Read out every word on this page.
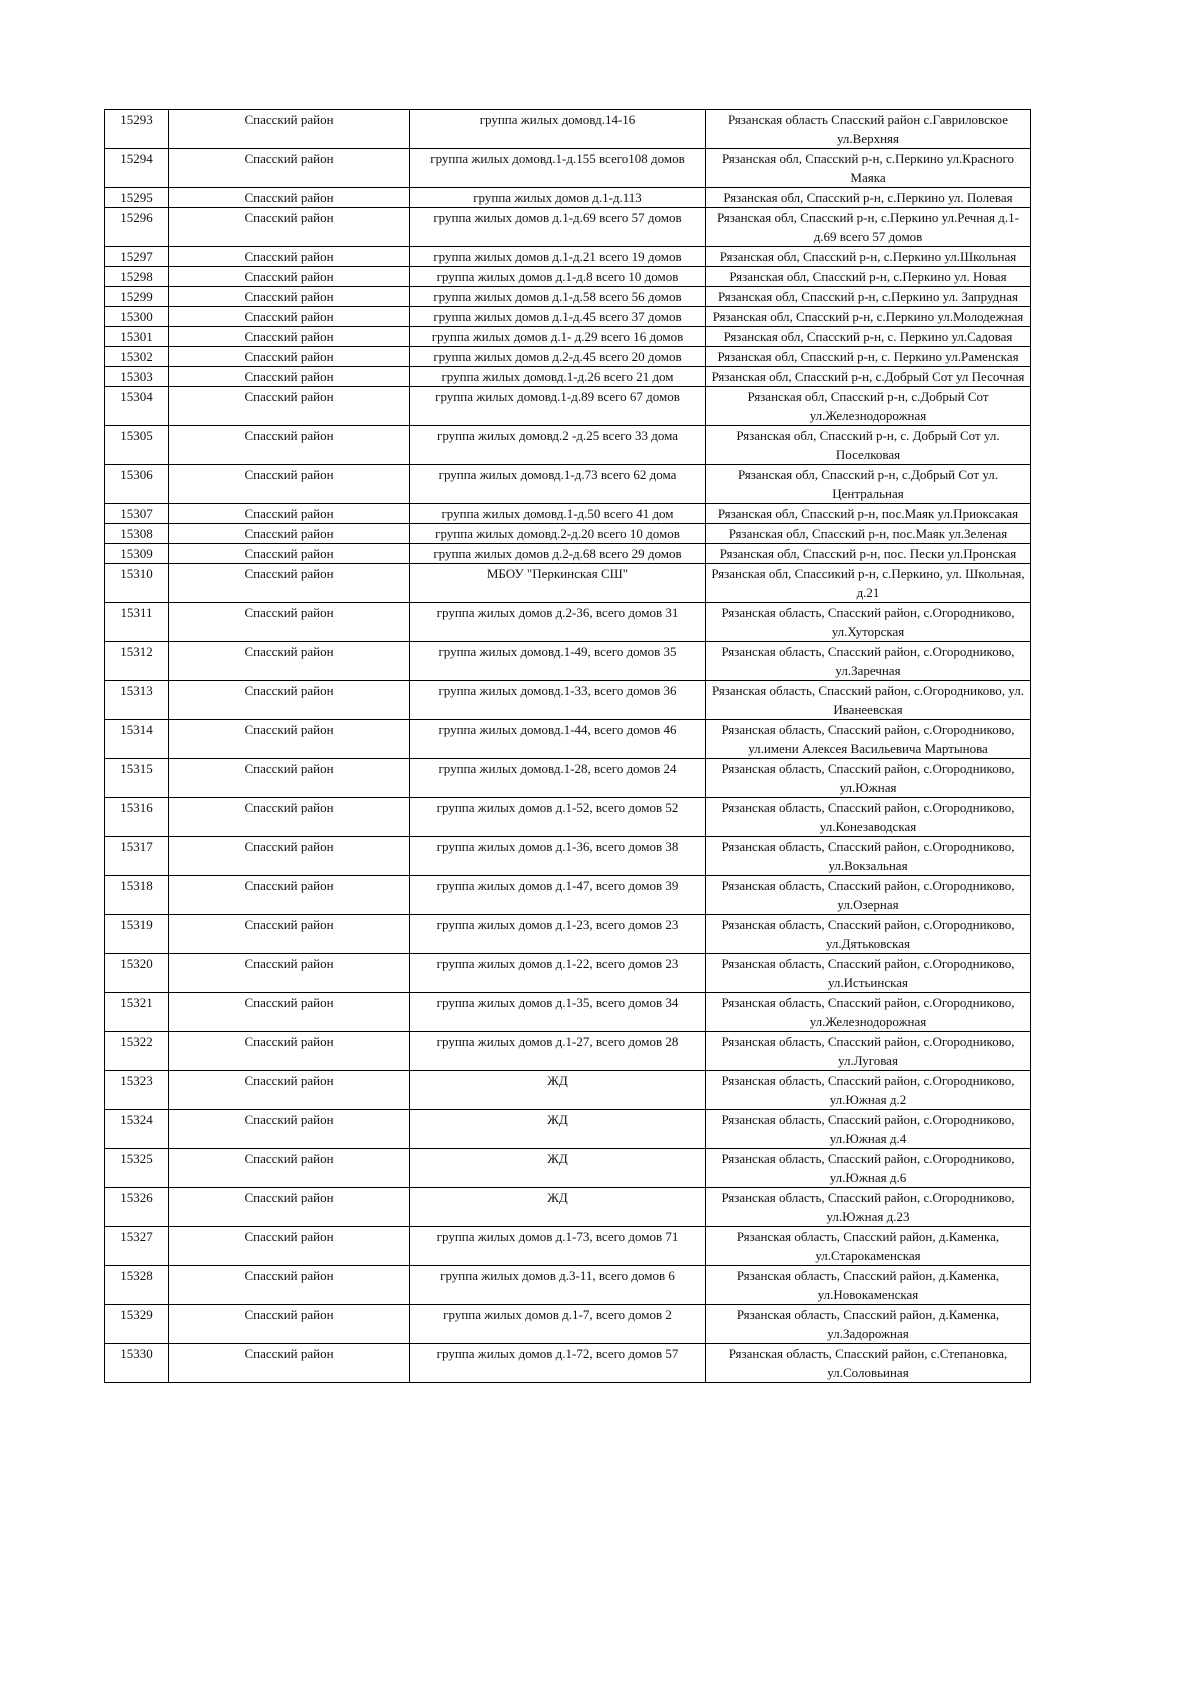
15293	Спасский район	группа жилых домовд.14-16	Рязанская область Спасский район с.Гавриловское ул.Верхняя
15294	Спасский район	группа жилых домовд.1-д.155 всего108 домов	Рязанская обл, Спасский р-н, с.Перкино ул.Красного Маяка
15295	Спасский район	группа жилых домов д.1-д.113	Рязанская обл, Спасский р-н, с.Перкино ул. Полевая
15296	Спасский район	группа жилых домов д.1-д.69 всего 57 домов	Рязанская обл, Спасский р-н, с.Перкино ул.Речная д.1-д.69 всего 57 домов
15297	Спасский район	группа жилых домов д.1-д.21 всего 19 домов	Рязанская обл, Спасский р-н, с.Перкино ул.Школьная
15298	Спасский район	группа жилых домов д.1-д.8 всего 10 домов	Рязанская обл, Спасский р-н, с.Перкино ул. Новая
15299	Спасский район	группа жилых домов д.1-д.58 всего 56 домов	Рязанская обл, Спасский р-н, с.Перкино ул. Запрудная
15300	Спасский район	группа жилых домов д.1-д.45 всего 37 домов	Рязанская обл, Спасский р-н, с.Перкино ул.Молодежная
15301	Спасский район	группа жилых домов д.1- д.29 всего 16 домов	Рязанская обл, Спасский р-н, с. Перкино ул.Садовая
15302	Спасский район	группа жилых домов д.2-д.45 всего 20 домов	Рязанская обл, Спасский р-н, с. Перкино ул.Раменская
15303	Спасский район	группа жилых домовд.1-д.26 всего 21 дом	Рязанская обл, Спасский р-н, с.Добрый Сот ул Песочная
15304	Спасский район	группа жилых домовд.1-д.89 всего 67 домов	Рязанская обл, Спасский р-н, с.Добрый Сот ул.Железнодорожная
15305	Спасский район	группа жилых домовд.2 -д.25 всего 33 дома	Рязанская обл, Спасский р-н, с. Добрый Сот ул. Поселковая
15306	Спасский район	группа жилых домовд.1-д.73 всего 62 дома	Рязанская обл, Спасский р-н, с.Добрый Сот ул. Центральная
15307	Спасский район	группа жилых домовд.1-д.50 всего 41 дом	Рязанская обл, Спасский р-н, пос.Маяк ул.Приоксакая
15308	Спасский район	группа жилых домовд.2-д.20 всего 10 домов	Рязанская обл, Спасский р-н, пос.Маяк ул.Зеленая
15309	Спасский район	группа жилых домов д.2-д.68 всего 29 домов	Рязанская обл, Спасский р-н, пос. Пески ул.Пронская
15310	Спасский район	МБОУ "Перкинская СШ"	Рязанская обл, Спассикий р-н, с.Перкино, ул. Школьная, д.21
15311	Спасский район	группа жилых домов д.2-36, всего домов 31	Рязанская область, Спасский район, с.Огородниково, ул.Хуторская
15312	Спасский район	группа жилых домовд.1-49, всего домов 35	Рязанская область, Спасский район, с.Огородниково, ул.Заречная
15313	Спасский район	группа жилых домовд.1-33, всего домов 36	Рязанская область, Спасский район, с.Огородниково, ул. Иванеевская
15314	Спасский район	группа жилых домовд.1-44, всего домов 46	Рязанская область, Спасский район, с.Огородниково, ул.имени Алексея Васильевича Мартынова
15315	Спасский район	группа жилых домовд.1-28, всего домов 24	Рязанская область, Спасский район, с.Огородниково, ул.Южная
15316	Спасский район	группа жилых домов д.1-52, всего домов 52	Рязанская область, Спасский район, с.Огородниково, ул.Конезаводская
15317	Спасский район	группа жилых домов д.1-36, всего домов 38	Рязанская область, Спасский район, с.Огородниково, ул.Вокзальная
15318	Спасский район	группа жилых домов д.1-47, всего домов 39	Рязанская область, Спасский район, с.Огородниково, ул.Озерная
15319	Спасский район	группа жилых домов д.1-23, всего домов 23	Рязанская область, Спасский район, с.Огородниково, ул.Дятьковская
15320	Спасский район	группа жилых домов д.1-22, всего домов 23	Рязанская область, Спасский район, с.Огородниково, ул.Истьинская
15321	Спасский район	группа жилых домов д.1-35, всего домов 34	Рязанская область, Спасский район, с.Огородниково, ул.Железнодорожная
15322	Спасский район	группа жилых домов д.1-27, всего домов 28	Рязанская область, Спасский район, с.Огородниково, ул.Луговая
15323	Спасский район	ЖД	Рязанская область, Спасский район, с.Огородниково, ул.Южная д.2
15324	Спасский район	ЖД	Рязанская область, Спасский район, с.Огородниково, ул.Южная д.4
15325	Спасский район	ЖД	Рязанская область, Спасский район, с.Огородниково, ул.Южная д.6
15326	Спасский район	ЖД	Рязанская область, Спасский район, с.Огородниково, ул.Южная д.23
15327	Спасский район	группа жилых домов д.1-73, всего домов 71	Рязанская область, Спасский район, д.Каменка, ул.Старокаменская
15328	Спасский район	группа жилых домов д.3-11, всего домов 6	Рязанская область, Спасский район, д.Каменка, ул.Новокаменская
15329	Спасский район	группа жилых домов д.1-7, всего домов 2	Рязанская область, Спасский район, д.Каменка, ул.Задорожная
15330	Спасский район	группа жилых домов д.1-72, всего домов 57	Рязанская область, Спасский район, с.Степановка, ул.Соловьиная
